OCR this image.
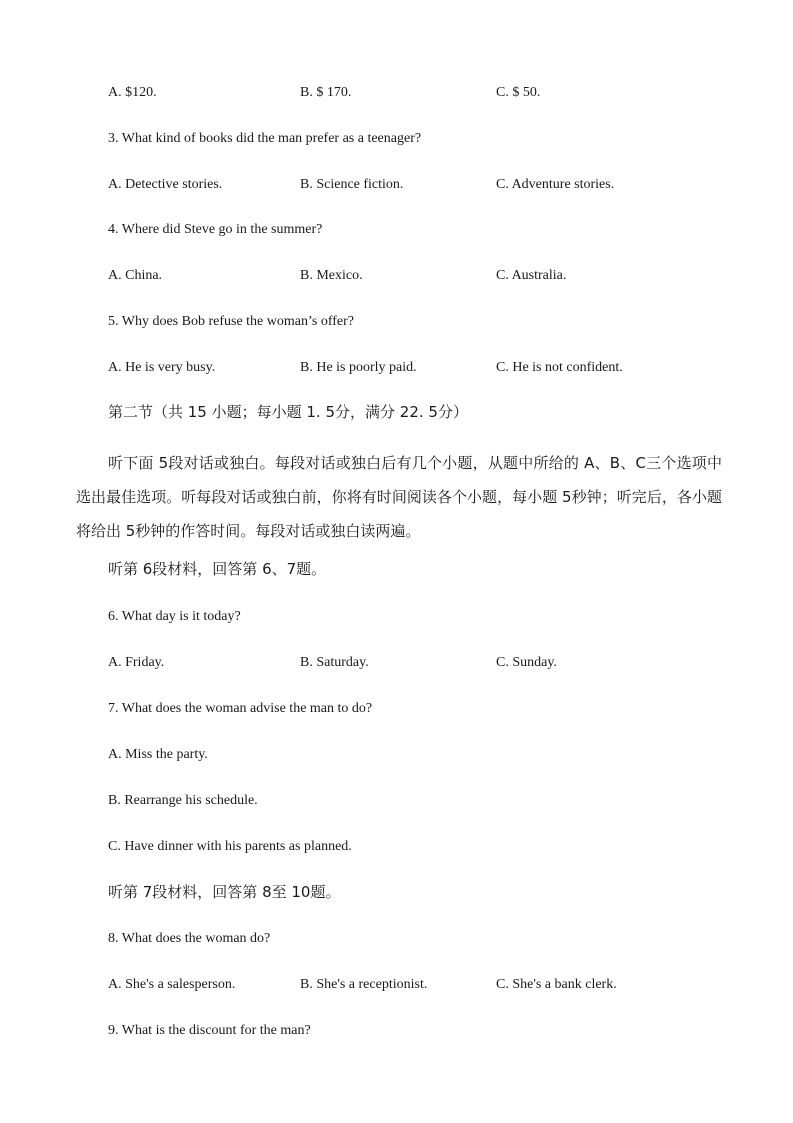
A. $120.	B. $ 170.	C. $ 50.
3. What kind of books did the man prefer as a teenager?
A. Detective stories.	B. Science fiction.	C. Adventure stories.
4. Where did Steve go in the summer?
A. China.	B. Mexico.	C. Australia.
5. Why does Bob refuse the woman’s offer?
A. He is very busy.	B. He is poorly paid.	C. He is not confident.
第二节（共 15 小题；每小题 1. 5分，满分 22. 5分）
听下面 5段对话或独白。每段对话或独白后有几个小题，从题中所给的 A、B、C三个选项中选出最佳选项。听每段对话或独白前，你将有时间阅读各个小题，每小题 5秒钟；听完后，各小题将给出 5秒钟的作答时间。每段对话或独白读两遍。
听第 6段材料，回答第 6、7题。
6. What day is it today?
A. Friday.	B. Saturday.	C. Sunday.
7. What does the woman advise the man to do?
A. Miss the party.
B. Rearrange his schedule.
C. Have dinner with his parents as planned.
听第 7段材料，回答第 8至 10题。
8. What does the woman do?
A. She's a salesperson.	B. She's a receptionist.	C. She's a bank clerk.
9. What is the discount for the man?
